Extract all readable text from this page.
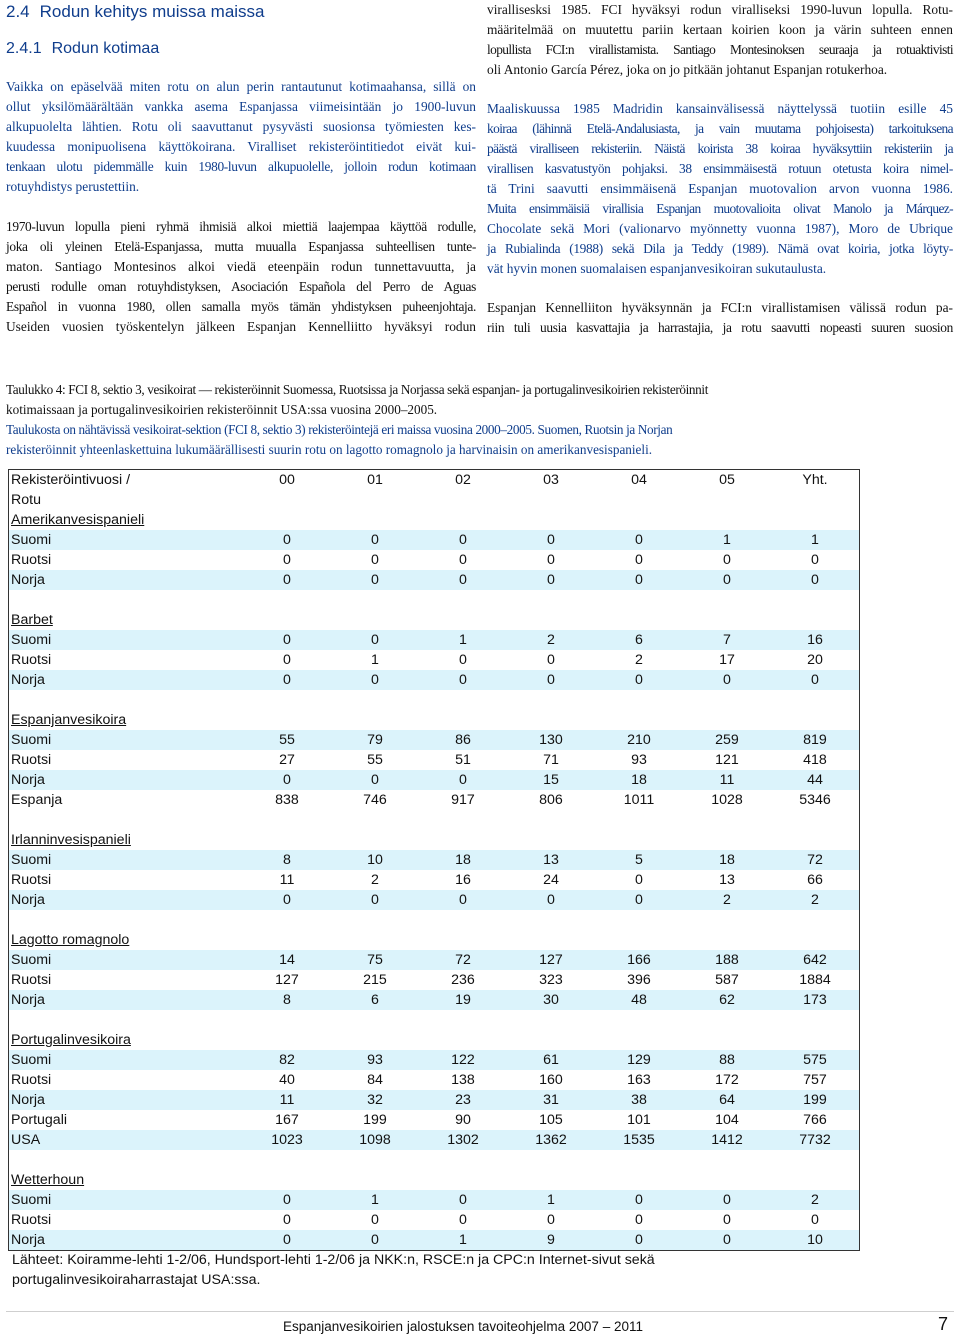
2.4 Rodun kehitys muissa maissa
2.4.1 Rodun kotimaa

Vaikka on epäselvää miten rotu on alun perin rantautunut kotimaahansa, sillä on
ollut yksilömäärältään vankka asema Espanjassa viimeisintään jo 1900-luvun
alkupuolelta lähtien. Rotu oli saavuttanut pysyvästi suosionsa työmiesten kes-
kuudessa monipuolisena käyttökoirana. Viralliset rekisteröintitiedot eivät kui-
tenkaan ulotu pidemmälle kuin 1980-luvun alkupuolelle, jolloin rodun kotimaan
rotuyhdistys perustettiin.

1970-luvun lopulla pieni ryhmä ihmisiä alkoi miettiä laajempaa käyttöä rodulle,
joka oli yleinen Etelä-Espanjassa, mutta muualla Espanjassa suhteellisen tunte-
maton. Santiago Montesinos alkoi viedä eteenpäin rodun tunnettavuutta, ja
perusti rodulle oman rotuyhdistyksen, Asociación Española del Perro de Aguas
Español in vuonna 1980, ollen samalla myös tämän yhdistyksen puheenjohtaja.
Useiden vuosien työskentelyn jälkeen Espanjan Kennelliitto hyväksyi rodun

virallisesksi 1985. FCI hyväksyi rodun viralliseksi 1990-luvun lopulla. Rotu-
määritelmää on muutettu pariin kertaan koirien koon ja värin suhteen ennen
lopullista FCI:n virallistamista. Santiago Montesinoksen seuraaja ja rotuaktivisti
oli Antonio García Pérez, joka on jo pitkään johtanut Espanjan rotukerhoa.

Maaliskuussa 1985 Madridin kansainvälisessä näyttelyssä tuotiin esille 45
koiraa (lähinnä Etelä-Andalusiasta, ja vain muutama pohjoisesta) tarkoituksena
päästä viralliseen rekisteriin. Näistä koirista 38 koiraa hyväksyttiin rekisteriin ja
virallisen kasvatustyön pohjaksi. 38 ensimmäisestä rotuun otetusta koira nimel-
tä Trini saavutti ensimmäisenä Espanjan muotovalion arvon vuonna 1986.
Muita ensimmäisiä virallisia Espanjan muotovalioita olivat Manolo ja Márquez-
Chocolate sekä Mori (valionarvo myönnetty vuonna 1987), Moro de Ubrique
ja Rubialinda (1988) sekä Dila ja Teddy (1989). Nämä ovat koiria, jotka löyty-
vät hyvin monen suomalaisen espanjanvesikoiran sukutaulusta.

Espanjan Kennelliiton hyväksynnän ja FCI:n virallistamisen välissä rodun pa-
riin tuli uusia kasvattajia ja harrastajia, ja rotu saavutti nopeasti suuren suosion

Taulukko 4: FCI 8, sektio 3, vesikoirat — rekisteröinnit Suomessa, Ruotsissa ja Norjassa sekä espanjan- ja portugalinvesikoirien rekisteröinnit
kotimaissaan ja portugalinvesikoirien rekisteröinnit USA:ssa vuosina 2000–2005.
Taulukosta on nähtävissä vesikoirat-sektion (FCI 8, sektio 3) rekisteröintejä eri maissa vuosina 2000–2005. Suomen, Ruotsin ja Norjan
rekisteröinnit yhteenlaskettuina lukumäärällisesti suurin rotu on lagotto romagnolo ja harvinaisin on amerikanvesispanieli.

Rekisteröintivuosi /	00	01	02	03	04	05	Yht.
Rotu							
Amerikanvesispanieli							
Suomi	0	0	0	0	0	1	1
Ruotsi	0	0	0	0	0	0	0
Norja	0	0	0	0	0	0	0

Barbet							
Suomi	0	0	1	2	6	7	16
Ruotsi	0	1	0	0	2	17	20
Norja	0	0	0	0	0	0	0

Espanjanvesikoira							
Suomi	55	79	86	130	210	259	819
Ruotsi	27	55	51	71	93	121	418
Norja	0	0	0	15	18	11	44
Espanja	838	746	917	806	1011	1028	5346

Irlanninvesispanieli							
Suomi	8	10	18	13	5	18	72
Ruotsi	11	2	16	24	0	13	66
Norja	0	0	0	0	0	2	2

Lagotto romagnolo							
Suomi	14	75	72	127	166	188	642
Ruotsi	127	215	236	323	396	587	1884
Norja	8	6	19	30	48	62	173

Portugalinvesikoira							
Suomi	82	93	122	61	129	88	575
Ruotsi	40	84	138	160	163	172	757
Norja	11	32	23	31	38	64	199
Portugali	167	199	90	105	101	104	766
USA	1023	1098	1302	1362	1535	1412	7732

Wetterhoun							
Suomi	0	1	0	1	0	0	2
Ruotsi	0	0	0	0	0	0	0
Norja	0	0	1	9	0	0	10
Lähteet: Koiramme-lehti 1-2/06, Hundsport-lehti 1-2/06 ja NKK:n, RSCE:n ja CPC:n Internet-sivut sekä
portugalinvesikoiraharrastajat USA:ssa.
Espanjanvesikoirien jalostuksen tavoiteohjelma 2007 – 2011	7
